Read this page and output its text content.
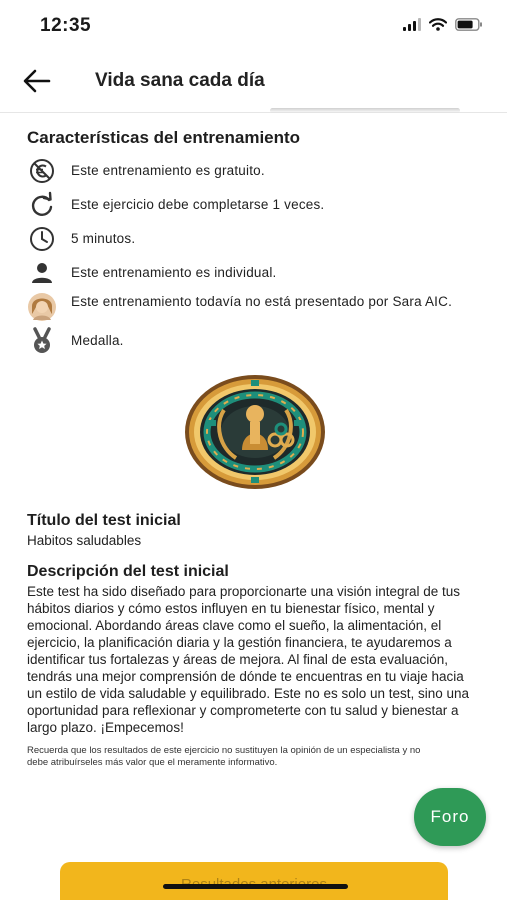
12:35
Vida sana cada día
Características del entrenamiento
Este entrenamiento es gratuito.
Este ejercicio debe completarse 1 veces.
5 minutos.
Este entrenamiento es individual.
Este entrenamiento todavía no está presentado por Sara AIC.
Medalla.
Título del test inicial

Habitos saludables

Descripción del test inicial

Este test ha sido diseñado para proporcionarte una visión integral de tus hábitos diarios y cómo estos influyen en tu bienestar físico, mental y emocional. Abordando áreas clave como el sueño, la alimentación, el ejercicio, la planificación diaria y la gestión financiera, te ayudaremos a identificar tus fortalezas y áreas de mejora. Al final de esta evaluación, tendrás una mejor comprensión de dónde te encuentras en tu viaje hacia un estilo de vida saludable y equilibrado. Este no es solo un test, sino una oportunidad para reflexionar y comprometerte con tu salud y bienestar a largo plazo. ¡Empecemos!

Recuerda que los resultados de este ejercicio no sustituyen la opinión de un especialista y no debe atribuírseles más valor que el meramente informativo.
Foro
